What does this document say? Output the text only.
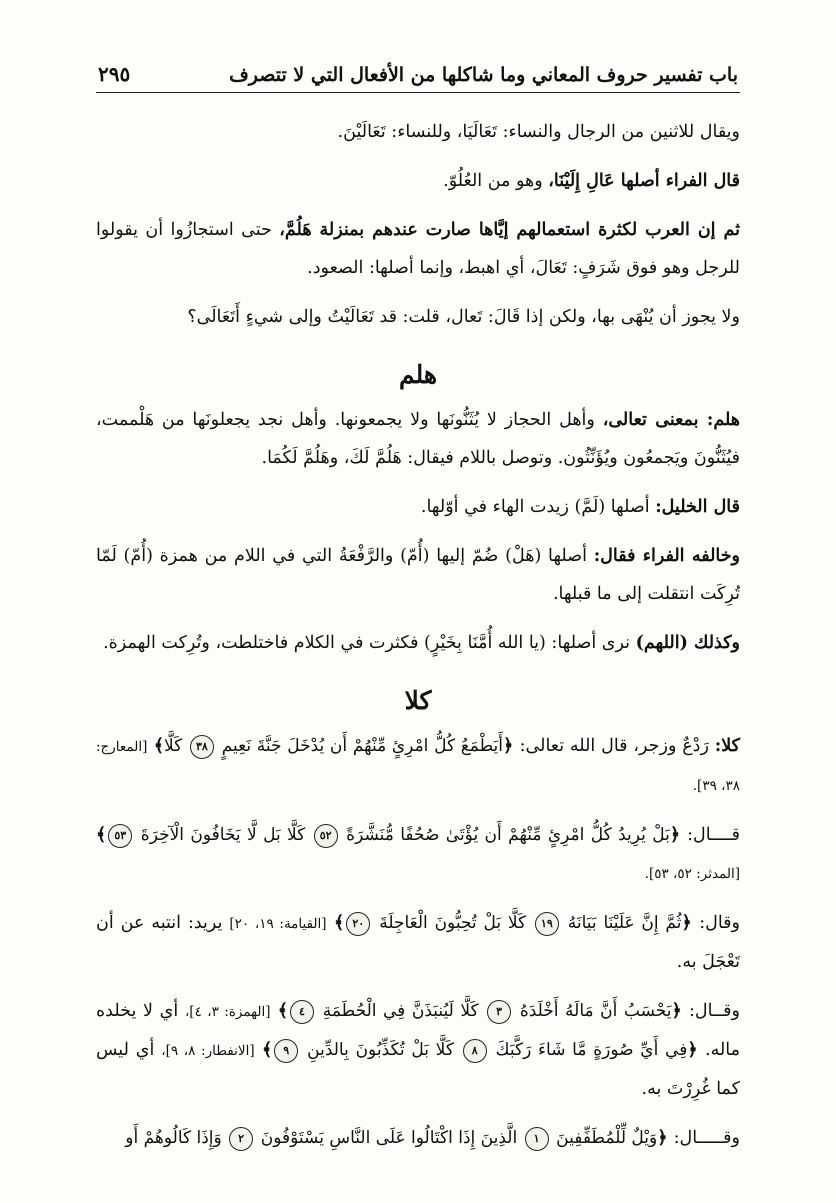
باب تفسير حروف المعاني وما شاكلها من الأفعال التي لا تتصرف
٢٩٥

ويقال للاثنين من الرجال والنساء: تَعَالَيَا، وللنساء: تَعَالَيْنَ.

قال الفراء أصلها عَالِ إِلَيْنَا، وهو من العُلُوّ.

ثم إن العرب لكثرة استعمالهم إيَّاها صارت عندهم بمنزلة هَلُمَّ، حتى استجازُوا أن يقولوا للرجل وهو فوق شَرَفٍ: تَعَالَ، أي اهبط، وإنما أصلها: الصعود.

ولا يجوز أن يُنْهَى بها، ولكن إذا قَالَ: تَعال، قلت: قد تَعَالَيْتُ وإلى شيءٍ أَتَعَالَى؟

هلم

هلم: بمعنى تعالى، وأهل الحجاز لا يُثَنُّونَها ولا يجمعونها. وأهل نجد يجعلونَها من هَلْممت، فيُثَنُّونَ ويَجمعُون ويُؤَنِّثُون. وتوصل باللام فيقال: هَلُمَّ لَكَ، وهَلُمَّ لَكُمَا.

قال الخليل: أصلها (لَمَّ) زيدت الهاء في أوّلها.

وخالفه الفراء فقال: أصلها (هَلْ) ضُمّ إليها (أُمّ) والرَّفْعَةُ التي في اللام من همزة (أُمّ) لَمّا تُرِكَت انتقلت إلى ما قبلها.

وكذلك (اللهم) نرى أصلها: (يا الله أُمَّنَا بِخَيْرٍ) فكثرت في الكلام فاختلطت، وتُرِكت الهمزة.

كلا

كلا: رَدْعٌ وزجر، قال الله تعالى: ﴿أَيَطْمَعُ كُلُّ امْرِئٍ مِّنْهُمْ أَن يُدْخَلَ جَنَّةَ نَعِيمٍ ٣٨ كَلَّا﴾ [المعارج: ٣٨، ٣٩].

قــــال: ﴿بَلْ يُرِيدُ كُلُّ امْرِئٍ مِّنْهُمْ أَن يُؤْتَىٰ صُحُفًا مُّنَشَّرَةً ٥٢ كَلَّا بَل لَّا يَخَافُونَ الْآخِرَةَ ٥٣﴾ [المدثر: ٥٢، ٥٣].

وقال: ﴿ثُمَّ إِنَّ عَلَيْنَا بَيَانَهُ ١٩ كَلَّا بَلْ تُحِبُّونَ الْعَاجِلَةَ ٢٠﴾ [القيامة: ١٩، ٢٠] يريد: انتبه عن أن تَعْجَلَ به.

وقــال: ﴿يَحْسَبُ أَنَّ مَالَهُ أَخْلَدَهُ ٣ كَلَّا لَيُنبَذَنَّ فِي الْحُطَمَةِ ٤﴾ [الهمزة: ٣، ٤]، أي لا يخلده ماله. ﴿فِي أَيِّ صُورَةٍ مَّا شَاءَ رَكَّبَكَ ٨ كَلَّا بَلْ تُكَذِّبُونَ بِالدِّينِ ٩﴾ [الانفطار: ٨، ٩]، أي ليس كما غُرِرْتَ به.

وقـــــال: ﴿وَيْلٌ لِّلْمُطَفِّفِينَ ١ الَّذِينَ إِذَا اكْتَالُوا عَلَى النَّاسِ يَسْتَوْفُونَ ٢ وَإِذَا كَالُوهُمْ أَو
